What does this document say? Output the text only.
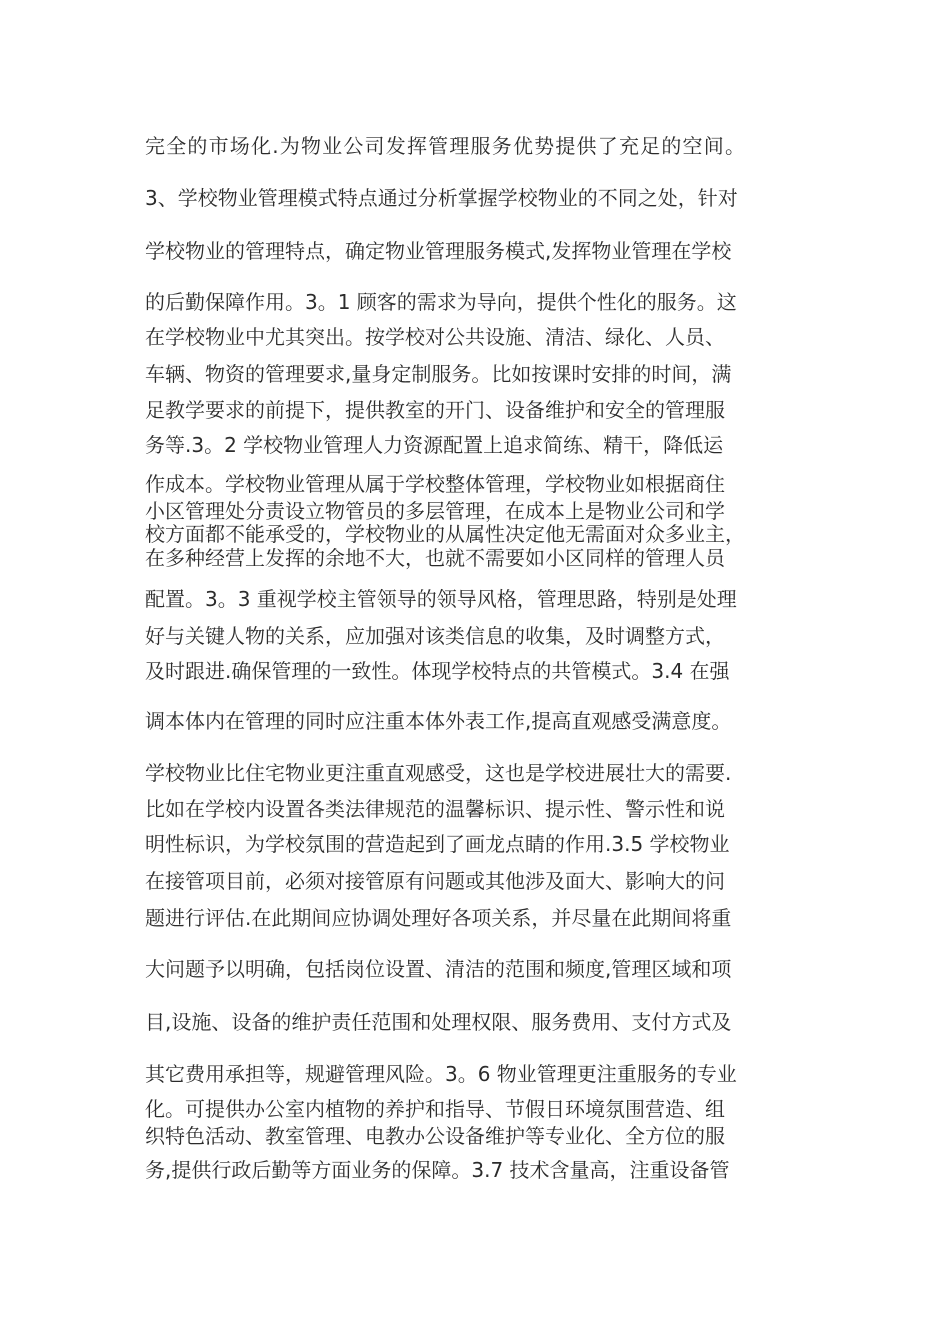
完全的市场化.为物业公司发挥管理服务优势提供了充足的空间。
3、学校物业管理模式特点通过分析掌握学校物业的不同之处，针对
学校物业的管理特点，确定物业管理服务模式,发挥物业管理在学校
的后勤保障作用。3。1 顾客的需求为导向，提供个性化的服务。这
在学校物业中尤其突出。按学校对公共设施、清洁、绿化、人员、
车辆、物资的管理要求,量身定制服务。比如按课时安排的时间，满
足教学要求的前提下，提供教室的开门、设备维护和安全的管理服
务等.3。2 学校物业管理人力资源配置上追求简练、精干，降低运
作成本。学校物业管理从属于学校整体管理，学校物业如根据商住
小区管理处分责设立物管员的多层管理，在成本上是物业公司和学
校方面都不能承受的，学校物业的从属性决定他无需面对众多业主，
在多种经营上发挥的余地不大，也就不需要如小区同样的管理人员
配置。3。3 重视学校主管领导的领导风格，管理思路，特别是处理
好与关键人物的关系，应加强对该类信息的收集，及时调整方式，
及时跟进.确保管理的一致性。体现学校特点的共管模式。3.4 在强
调本体内在管理的同时应注重本体外表工作,提高直观感受满意度。
学校物业比住宅物业更注重直观感受，这也是学校进展壮大的需要.
比如在学校内设置各类法律规范的温馨标识、提示性、警示性和说
明性标识，为学校氛围的营造起到了画龙点睛的作用.3.5 学校物业
在接管项目前，必须对接管原有问题或其他涉及面大、影响大的问
题进行评估.在此期间应协调处理好各项关系，并尽量在此期间将重
大问题予以明确，包括岗位设置、清洁的范围和频度,管理区域和项
目,设施、设备的维护责任范围和处理权限、服务费用、支付方式及
其它费用承担等，规避管理风险。3。6 物业管理更注重服务的专业
化。可提供办公室内植物的养护和指导、节假日环境氛围营造、组
织特色活动、教室管理、电教办公设备维护等专业化、全方位的服
务,提供行政后勤等方面业务的保障。3.7 技术含量高，注重设备管
